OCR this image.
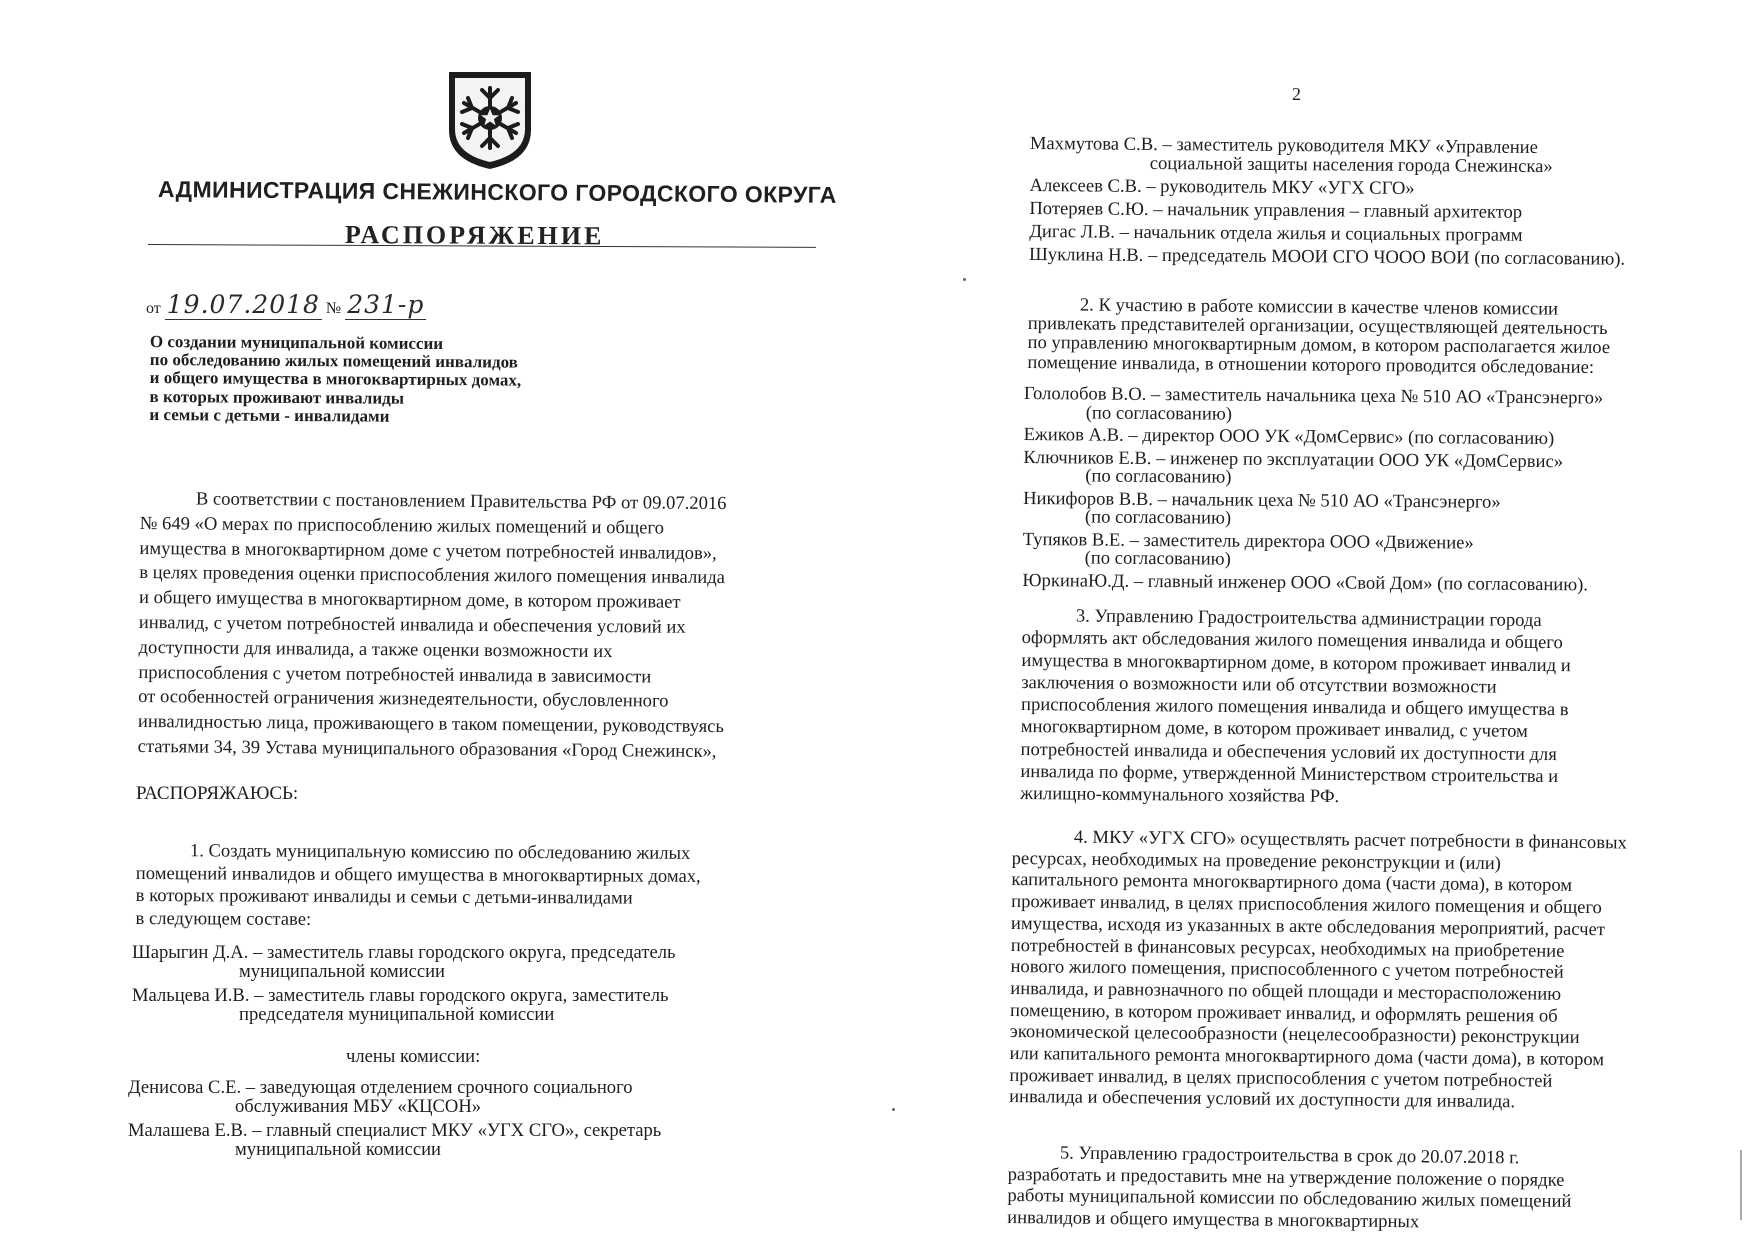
АДМИНИСТРАЦИЯ СНЕЖИНСКОГО ГОРОДСКОГО ОКРУГА
РАСПОРЯЖЕНИЕ
от 19.07.2018 № 231-р
О создании муниципальной комиссии
по обследованию жилых помещений инвалидов
и общего имущества в многоквартирных домах,
в которых проживают инвалиды
и семьи с детьми - инвалидами
В соответствии с постановлением Правительства РФ от 09.07.2016
№ 649 «О мерах по приспособлению жилых помещений и общего
имущества в многоквартирном доме с учетом потребностей инвалидов»,
в целях проведения оценки приспособления жилого помещения инвалида
и общего имущества в многоквартирном доме, в котором проживает
инвалид, с учетом потребностей инвалида и обеспечения условий их
доступности для инвалида, а также оценки возможности их
приспособления с учетом потребностей инвалида в зависимости
от особенностей ограничения жизнедеятельности, обусловленного
инвалидностью лица, проживающего в таком помещении, руководствуясь
статьями 34, 39 Устава муниципального образования «Город Снежинск»,
РАСПОРЯЖАЮСЬ:
1. Создать муниципальную комиссию по обследованию жилых
помещений инвалидов и общего имущества в многоквартирных домах,
в которых проживают инвалиды и семьи с детьми-инвалидами
в следующем составе:
Шарыгин Д.А. – заместитель главы городского округа, председатель
муниципальной комиссии
Мальцева И.В. – заместитель главы городского округа, заместитель
председателя муниципальной комиссии
члены комиссии:
Денисова С.Е. – заведующая отделением срочного социального
обслуживания МБУ «КЦСОН»
Малашева Е.В. – главный специалист МКУ «УГХ СГО», секретарь
муниципальной комиссии
2
Махмутова С.В. – заместитель руководителя МКУ «Управление
социальной защиты населения города Снежинска»
Алексеев С.В. – руководитель МКУ «УГХ СГО»
Потеряев С.Ю. – начальник управления – главный архитектор
Дигас Л.В. – начальник отдела жилья и социальных программ
Шуклина Н.В. – председатель МООИ СГО ЧООО ВОИ (по согласованию).
2. К участию в работе комиссии в качестве членов комиссии
привлекать представителей организации, осуществляющей деятельность
по управлению многоквартирным домом, в котором располагается жилое
помещение инвалида, в отношении которого проводится обследование:
Гололобов В.О. – заместитель начальника цеха № 510 АО «Трансэнерго»
(по согласованию)
Ежиков А.В. – директор ООО УК «ДомСервис» (по согласованию)
Ключников Е.В. – инженер по эксплуатации ООО УК «ДомСервис»
(по согласованию)
Никифоров В.В. – начальник цеха № 510 АО «Трансэнерго»
(по согласованию)
Тупяков В.Е. – заместитель директора ООО «Движение»
(по согласованию)
ЮркинаЮ.Д. – главный инженер ООО «Свой Дом» (по согласованию).
3. Управлению Градостроительства администрации города
оформлять акт обследования жилого помещения инвалида и общего
имущества в многоквартирном доме, в котором проживает инвалид и
заключения о возможности или об отсутствии возможности
приспособления жилого помещения инвалида и общего имущества в
многоквартирном доме, в котором проживает инвалид, с учетом
потребностей инвалида и обеспечения условий их доступности для
инвалида по форме, утвержденной Министерством строительства и
жилищно-коммунального хозяйства РФ.
4. МКУ «УГХ СГО» осуществлять расчет потребности в финансовых
ресурсах, необходимых на проведение реконструкции и (или)
капитального ремонта многоквартирного дома (части дома), в котором
проживает инвалид, в целях приспособления жилого помещения и общего
имущества, исходя из указанных в акте обследования мероприятий, расчет
потребностей в финансовых ресурсах, необходимых на приобретение
нового жилого помещения, приспособленного с учетом потребностей
инвалида, и равнозначного по общей площади и месторасположению
помещению, в котором проживает инвалид, и оформлять решения об
экономической целесообразности (нецелесообразности) реконструкции
или капитального ремонта многоквартирного дома (части дома), в котором
проживает инвалид, в целях приспособления с учетом потребностей
инвалида и обеспечения условий их доступности для инвалида.
5. Управлению градостроительства в срок до 20.07.2018 г.
разработать и предоставить мне на утверждение положение о порядке
работы муниципальной комиссии по обследованию жилых помещений
инвалидов и общего имущества в многоквартирных
